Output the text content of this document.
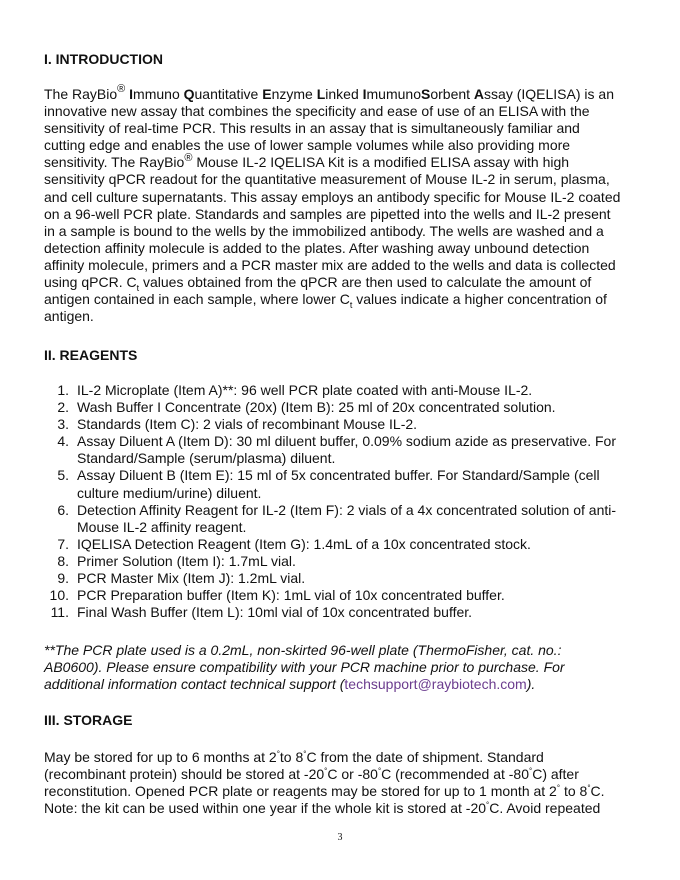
I. INTRODUCTION
The RayBio® Immuno Quantitative Enzyme Linked ImumunoSorbent Assay (IQELISA) is an
innovative new assay that combines the specificity and ease of use of an ELISA with the
sensitivity of real-time PCR. This results in an assay that is simultaneously familiar and
cutting edge and enables the use of lower sample volumes while also providing more
sensitivity. The RayBio® Mouse IL-2 IQELISA Kit is a modified ELISA assay with high
sensitivity qPCR readout for the quantitative measurement of Mouse IL-2 in serum, plasma,
and cell culture supernatants. This assay employs an antibody specific for Mouse IL-2 coated
on a 96-well PCR plate. Standards and samples are pipetted into the wells and IL-2 present
in a sample is bound to the wells by the immobilized antibody. The wells are washed and a
detection affinity molecule is added to the plates. After washing away unbound detection
affinity molecule, primers and a PCR master mix are added to the wells and data is collected
using qPCR. $C_t$ values obtained from the qPCR are then used to calculate the amount of
antigen contained in each sample, where lower $C_t$ values indicate a higher concentration of
antigen.
II. REAGENTS
1. IL-2 Microplate (Item A)**: 96 well PCR plate coated with anti-Mouse IL-2.
2. Wash Buffer I Concentrate (20x) (Item B): 25 ml of 20x concentrated solution.
3. Standards (Item C): 2 vials of recombinant Mouse IL-2.
4. Assay Diluent A (Item D): 30 ml diluent buffer, 0.09% sodium azide as preservative. For
Standard/Sample (serum/plasma) diluent.
5. Assay Diluent B (Item E): 15 ml of 5x concentrated buffer. For Standard/Sample (cell
culture medium/urine) diluent.
6. Detection Affinity Reagent for IL-2 (Item F): 2 vials of a 4x concentrated solution of anti-
Mouse IL-2 affinity reagent.
7. IQELISA Detection Reagent (Item G): 1.4mL of a 10x concentrated stock.
8. Primer Solution (Item I): 1.7mL vial.
9. PCR Master Mix (Item J): 1.2mL vial.
10. PCR Preparation buffer (Item K): 1mL vial of 10x concentrated buffer.
11. Final Wash Buffer (Item L): 10ml vial of 10x concentrated buffer.
**The PCR plate used is a 0.2mL, non-skirted 96-well plate (ThermoFisher, cat. no.:
AB0600). Please ensure compatibility with your PCR machine prior to purchase. For
additional information contact technical support (techsupport@raybiotech.com).
III. STORAGE
May be stored for up to 6 months at 2°to 8°C from the date of shipment. Standard
(recombinant protein) should be stored at -20°C or -80°C (recommended at -80°C) after
reconstitution. Opened PCR plate or reagents may be stored for up to 1 month at 2° to 8°C.
Note: the kit can be used within one year if the whole kit is stored at -20°C. Avoid repeated
3
